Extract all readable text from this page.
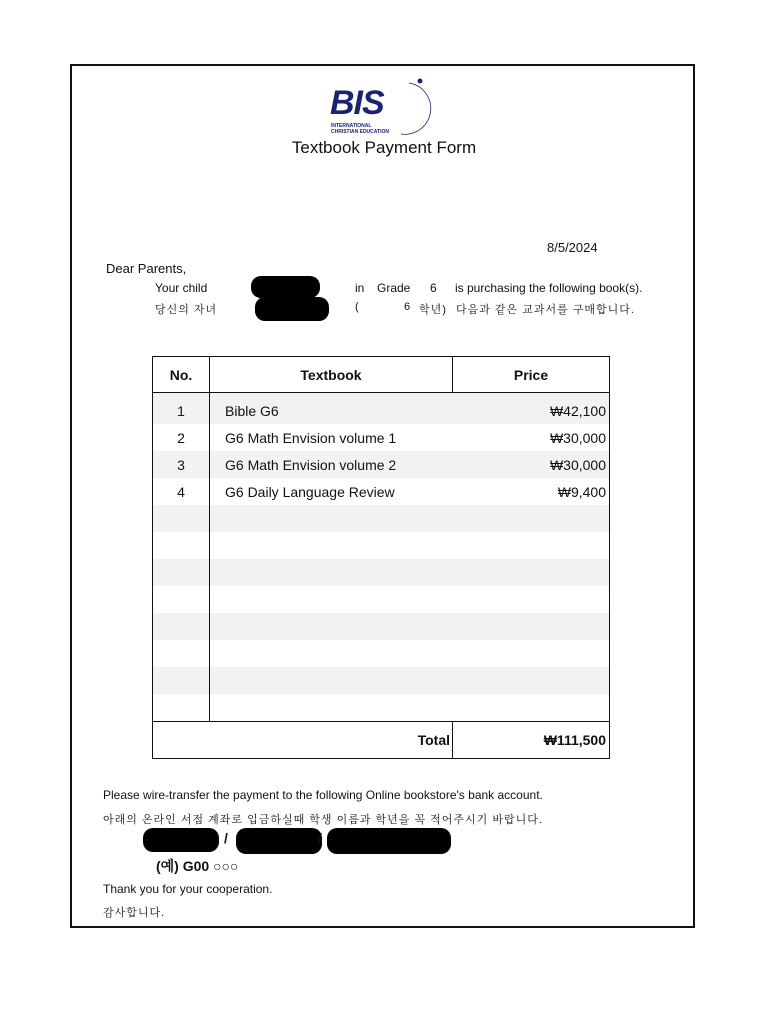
BIS
INTERNATIONAL
CHRISTIAN EDUCATION
Textbook Payment Form
8/5/2024
Dear Parents,
Your child	in Grade 6 is purchasing the following book(s).
당신의 자녀	(	6 학년) 다음과 같은 교과서를 구매합니다.
No.	Textbook	Price
1	Bible G6	₩42,100
2	G6 Math Envision volume 1	₩30,000
3	G6 Math Envision volume 2	₩30,000
4	G6 Daily Language Review	₩9,400

Total		₩111,500
Please wire-transfer the payment to the following Online bookstore's bank account.
아래의 온라인 서점 계좌로 입금하실때 학생 이름과 학년을 꼭 적어주시기 바랍니다.
/	/
(예) G00 ○○○
Thank you for your cooperation.
감사합니다.
